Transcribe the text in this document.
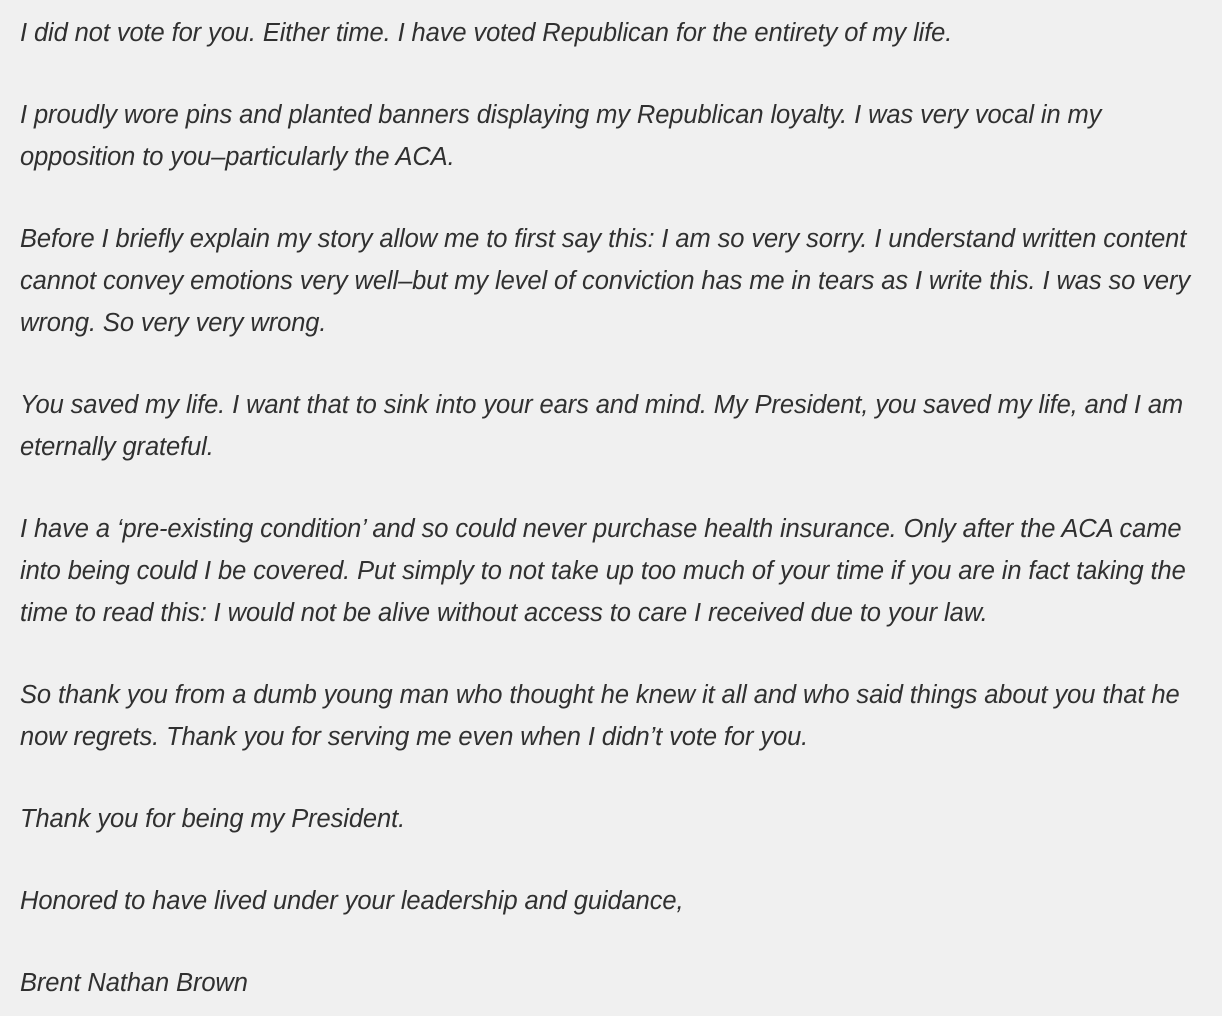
I did not vote for you. Either time. I have voted Republican for the entirety of my life.

I proudly wore pins and planted banners displaying my Republican loyalty. I was very vocal in my opposition to you–particularly the ACA.

Before I briefly explain my story allow me to first say this: I am so very sorry. I understand written content cannot convey emotions very well–but my level of conviction has me in tears as I write this. I was so very wrong. So very very wrong.

You saved my life. I want that to sink into your ears and mind. My President, you saved my life, and I am eternally grateful.

I have a ‘pre-existing condition’ and so could never purchase health insurance. Only after the ACA came into being could I be covered. Put simply to not take up too much of your time if you are in fact taking the time to read this: I would not be alive without access to care I received due to your law.

So thank you from a dumb young man who thought he knew it all and who said things about you that he now regrets. Thank you for serving me even when I didn’t vote for you.

Thank you for being my President.

Honored to have lived under your leadership and guidance,

Brent Nathan Brown
